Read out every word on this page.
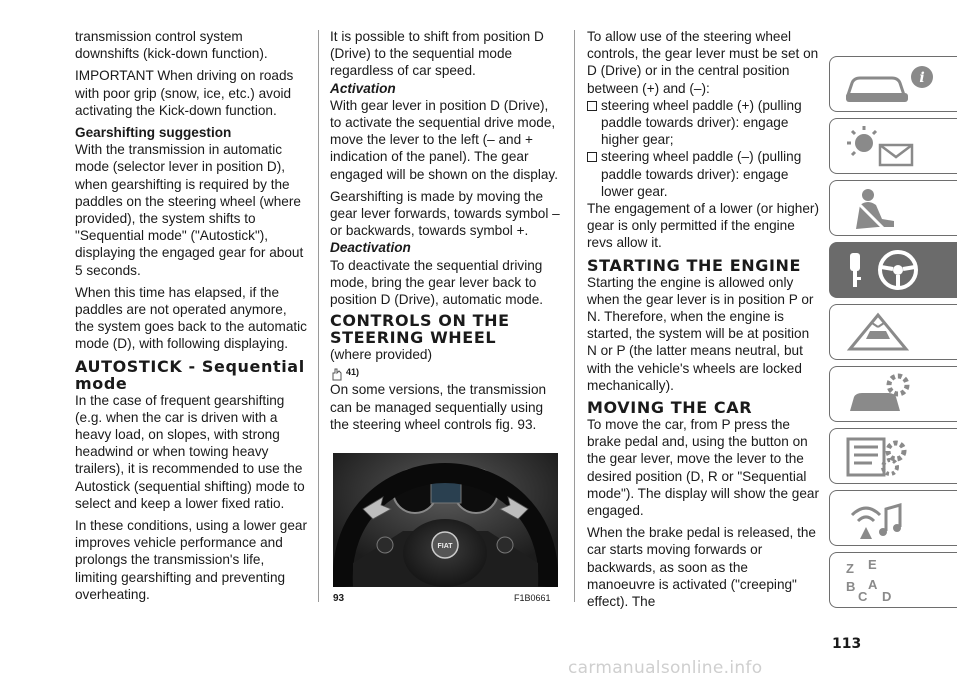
transmission control system downshifts (kick-down function).

IMPORTANT When driving on roads with poor grip (snow, ice, etc.) avoid activating the Kick-down function.

Gearshifting suggestion

With the transmission in automatic mode (selector lever in position D), when gearshifting is required by the paddles on the steering wheel (where provided), the system shifts to "Sequential mode" ("Autostick"), displaying the engaged gear for about 5 seconds.

When this time has elapsed, if the paddles are not operated anymore, the system goes back to the automatic mode (D), with following displaying.

AUTOSTICK - Sequential mode

In the case of frequent gearshifting (e.g. when the car is driven with a heavy load, on slopes, with strong headwind or when towing heavy trailers), it is recommended to use the Autostick (sequential shifting) mode to select and keep a lower fixed ratio.

In these conditions, using a lower gear improves vehicle performance and prolongs the transmission's life, limiting gearshifting and preventing overheating.

It is possible to shift from position D (Drive) to the sequential mode regardless of car speed.

Activation

With gear lever in position D (Drive), to activate the sequential drive mode, move the lever to the left (– and + indication of the panel). The gear engaged will be shown on the display.

Gearshifting is made by moving the gear lever forwards, towards symbol – or backwards, towards symbol +.

Deactivation

To deactivate the sequential driving mode, bring the gear lever back to position D (Drive), automatic mode.

CONTROLS ON THE STEERING WHEEL

(where provided)

41)

On some versions, the transmission can be managed sequentially using the steering wheel controls fig. 93.

FIAT
93	F1B0661

To allow use of the steering wheel controls, the gear lever must be set on D (Drive) or in the central position between (+) and (–):

steering wheel paddle (+) (pulling paddle towards driver): engage higher gear;
steering wheel paddle (–) (pulling paddle towards driver): engage lower gear.

The engagement of a lower (or higher) gear is only permitted if the engine revs allow it.

STARTING THE ENGINE

Starting the engine is allowed only when the gear lever is in position P or N. Therefore, when the engine is started, the system will be at position N or P (the latter means neutral, but with the vehicle's wheels are locked mechanically).

MOVING THE CAR

To move the car, from P press the brake pedal and, using the button on the gear lever, move the lever to the desired position (D, R or "Sequential mode"). The display will show the gear engaged.

When the brake pedal is released, the car starts moving forwards or backwards, as soon as the manoeuvre is activated ("creeping" effect). The

i
Z E
B A
C D
113
carmanualsonline.info
